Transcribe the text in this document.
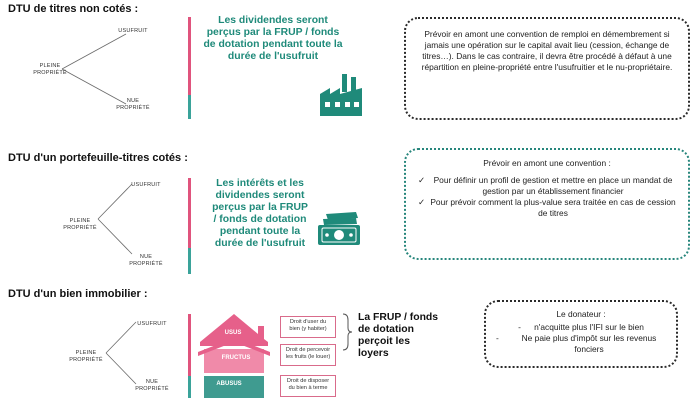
DTU de titres non cotés :
PLEINE PROPRIÉTÉ
USUFRUIT
NUE PROPRIÉTÉ
Les dividendes seront perçus par la FRUP / fonds de dotation pendant toute la durée de l'usufruit
Prévoir en amont une convention de remploi en démembrement si jamais une opération sur le capital avait lieu (cession, échange de titres…). Dans le cas contraire, il devra être procédé à défaut à une répartition en pleine-propriété entre l'usufruitier et le nu-propriétaire.
DTU d'un portefeuille-titres cotés :
PLEINE PROPRIÉTÉ
USUFRUIT
NUE PROPRIÉTÉ
Les intérêts et les dividendes seront perçus par la FRUP / fonds de dotation pendant toute la durée de l'usufruit
Prévoir en amont une convention :
✓	Pour définir un profil de gestion et mettre en place un mandat de gestion par un établissement financier
✓ Pour prévoir comment la plus-value sera traitée en cas de cession de titres
DTU d'un bien immobilier :
PLEINE PROPRIÉTÉ
USUFRUIT
NUE PROPRIÉTÉ
USUS
FRUCTUS
ABUSUS
Droit d'user du bien (y habiter)
Droit de percevoir les fruits (le louer)
Droit de disposer du bien à terme
La FRUP / fonds de dotation perçoit les loyers
Le donateur :
-	n'acquitte plus l'IFI sur le bien
-	Ne paie plus d'impôt sur les revenus fonciers
